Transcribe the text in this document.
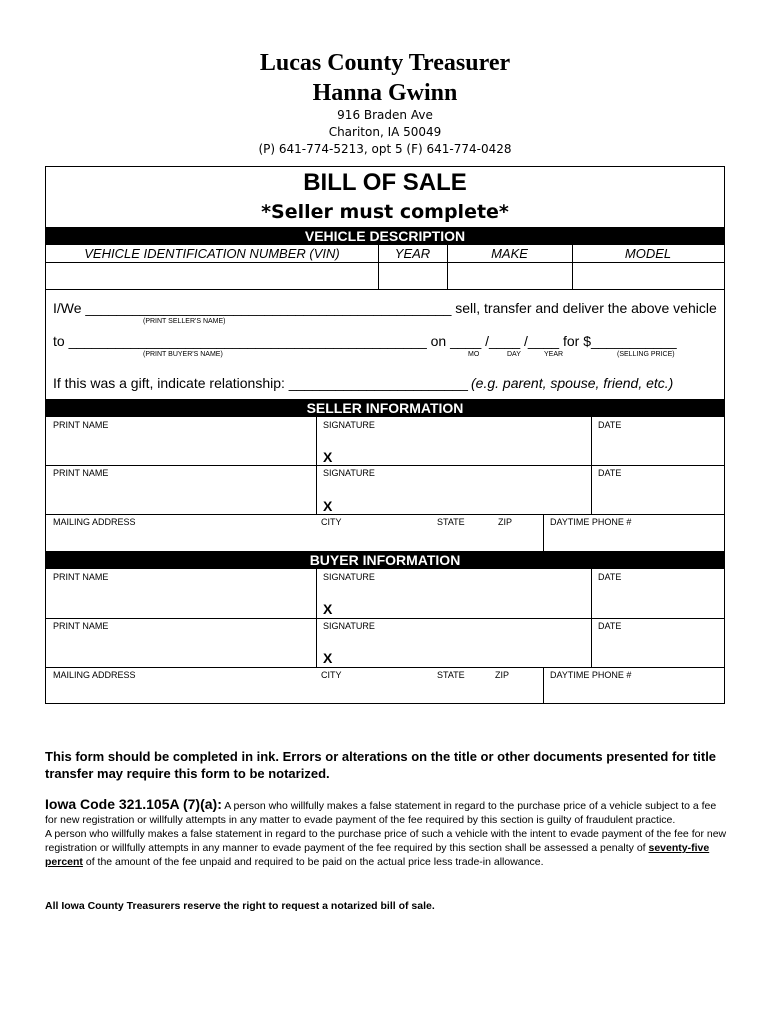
Lucas County Treasurer
Hanna Gwinn
916 Braden Ave
Chariton, IA 50049
(P) 641-774-5213, opt 5 (F) 641-774-0428
BILL OF SALE
*Seller must complete*
VEHICLE DESCRIPTION
VEHICLE IDENTIFICATION NUMBER (VIN)	YEAR	MAKE	MODEL
I/We _______________________________________________ sell, transfer and deliver the above vehicle
(PRINT SELLER'S NAME)
to ______________________________________________ on ____ /____ /____ for $___________
(PRINT BUYER'S NAME)	MO	DAY	YEAR	(SELLING PRICE)
If this was a gift, indicate relationship: _______________________ (e.g. parent, spouse, friend, etc.)
SELLER INFORMATION
PRINT NAME	SIGNATURE	DATE
X
PRINT NAME	SIGNATURE	DATE
X
MAILING ADDRESS	CITY	STATE	ZIP	DAYTIME PHONE #
BUYER INFORMATION
PRINT NAME	SIGNATURE	DATE
X
PRINT NAME	SIGNATURE	DATE
X
MAILING ADDRESS	CITY	STATE	ZIP	DAYTIME PHONE #
This form should be completed in ink. Errors or alterations on the title or other documents presented for title transfer may require this form to be notarized.
Iowa Code 321.105A (7)(a): A person who willfully makes a false statement in regard to the purchase price of a vehicle subject to a fee for new registration or willfully attempts in any matter to evade payment of the fee required by this section is guilty of fraudulent practice.
A person who willfully makes a false statement in regard to the purchase price of such a vehicle with the intent to evade payment of the fee for new registration or willfully attempts in any manner to evade payment of the fee required by this section shall be assessed a penalty of seventy-five percent of the amount of the fee unpaid and required to be paid on the actual price less trade-in allowance.
All Iowa County Treasurers reserve the right to request a notarized bill of sale.
